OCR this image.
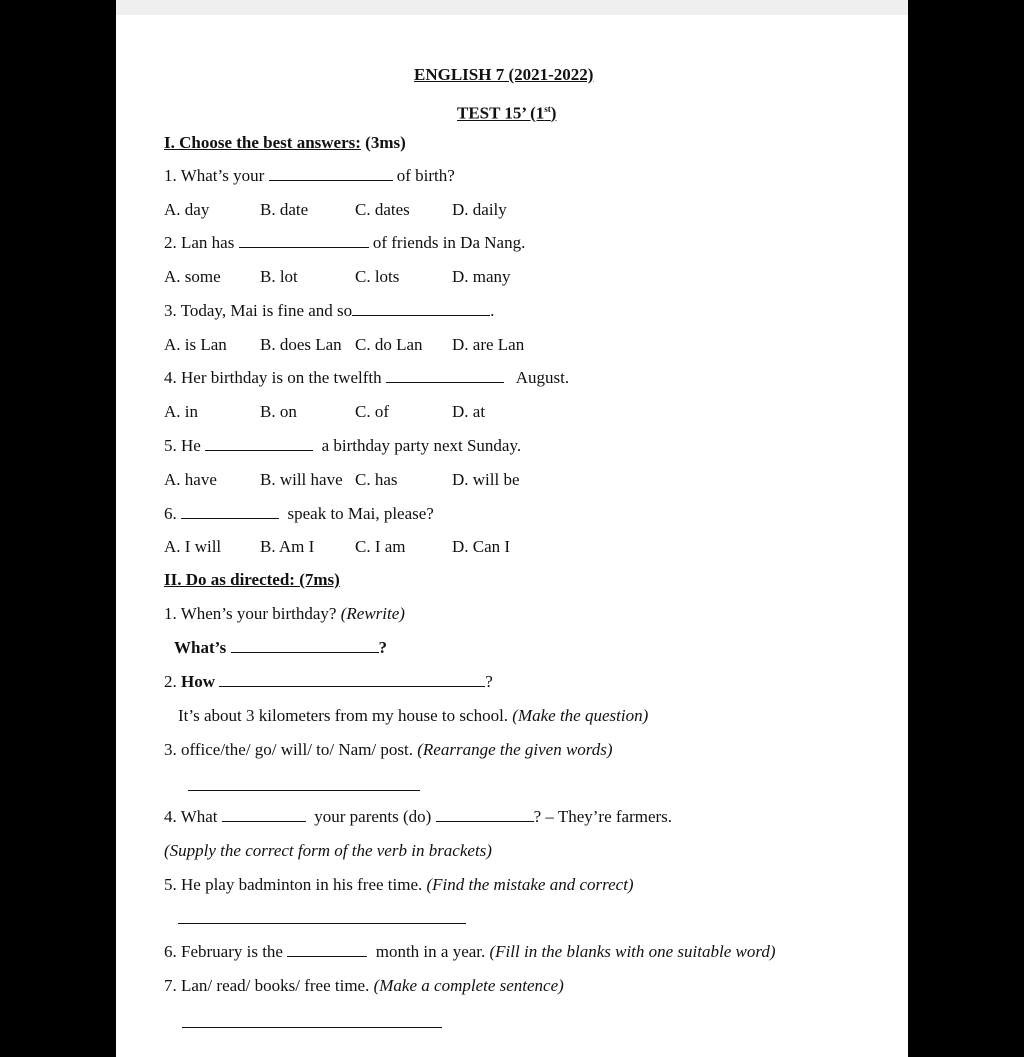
ENGLISH 7 (2021-2022)
TEST 15’ (1st)
I. Choose the best answers: (3ms)
1. What’s your	of birth?
A. day	B. date	C. dates D. daily
2. Lan has	of friends in Da Nang.
A. some B. lot	C. lots	D. many
3. Today, Mai is fine and so	.
A. is Lan B. does Lan C. do Lan D. are Lan
4. Her birthday is on the twelfth	August.
A. in	B. on	C. of	D. at
5. He	a birthday party next Sunday.
A. have	B. will have C. has	D. will be
6.	speak to Mai, please?
A. I will B. Am I C. I am	D. Can I
II. Do as directed: (7ms)
1. When’s your birthday? (Rewrite)
What’s	?
2. How	?
It’s about 3 kilometers from my house to school. (Make the question)
3. office/the/ go/ will/ to/ Nam/ post. (Rearrange the given words)
4. What	your parents (do)	? – They’re farmers.
(Supply the correct form of the verb in brackets)
5. He play badminton in his free time. (Find the mistake and correct)
6. February is the	month in a year. (Fill in the blanks with one suitable word)
7. Lan/ read/ books/ free time. (Make a complete sentence)
